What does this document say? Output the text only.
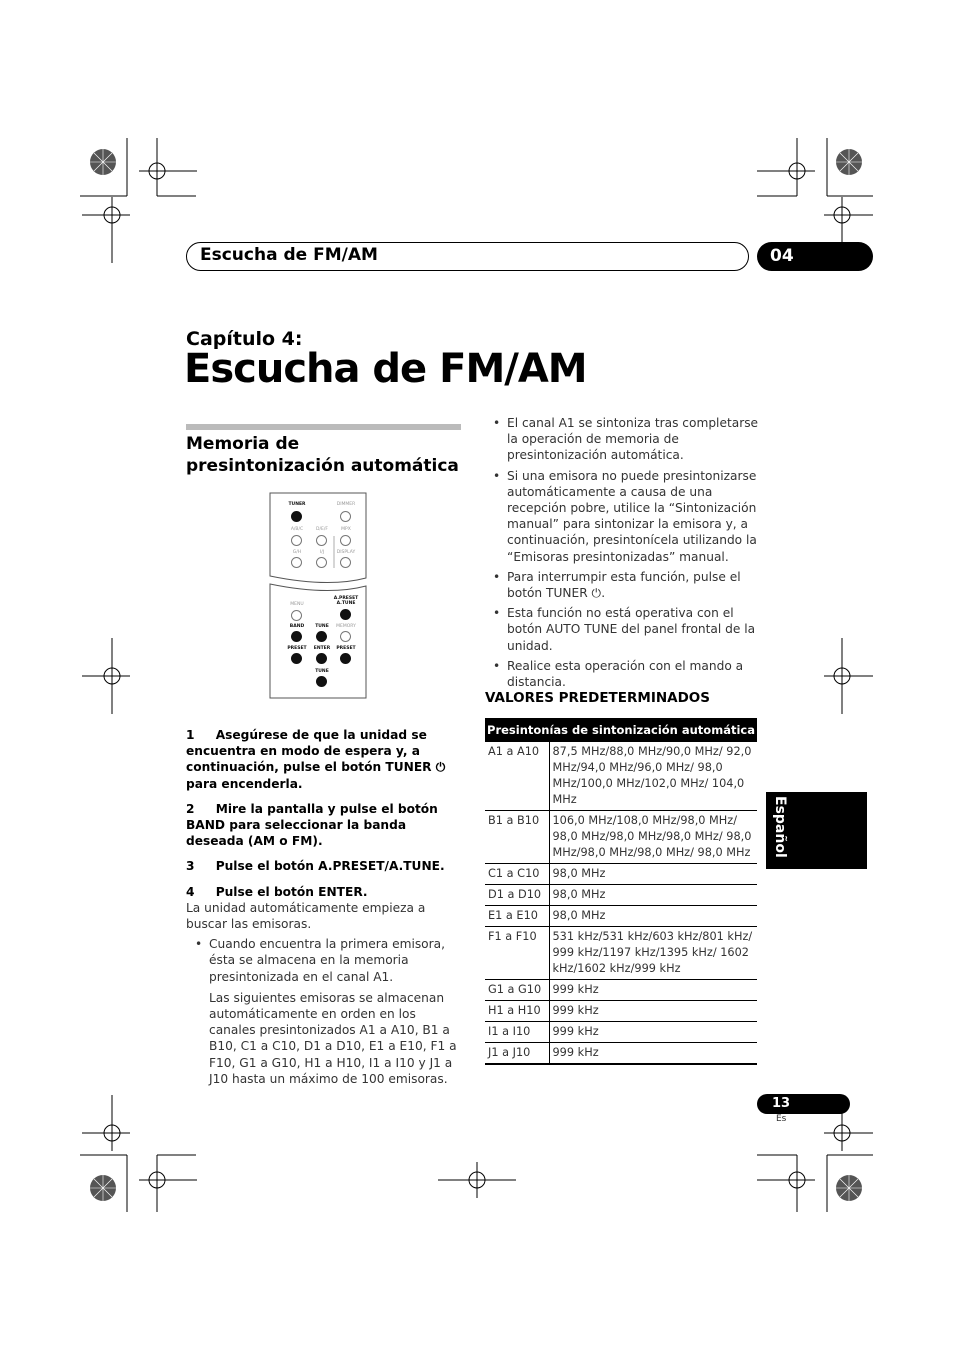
Escucha de FM/AM	04
Capítulo 4:
Escucha de FM/AM
Memoria de presintonización automática
TUNER	DIMMER
A/B/C	D/E/F	MPX
G/H	I/J	DISPLAY
MENU
A.PRESET A.TUNE
BAND	TUNE	MEMORY
PRESET	ENTER	PRESET
TUNE
1 Asegúrese de que la unidad se encuentra en modo de espera y, a continuación, pulse el botón TUNER ⏻ para encenderla.
2 Mire la pantalla y pulse el botón BAND para seleccionar la banda deseada (AM o FM).
3 Pulse el botón A.PRESET/A.TUNE.
4 Pulse el botón ENTER.
La unidad automáticamente empieza a buscar las emisoras.
• Cuando encuentra la primera emisora, ésta se almacena en la memoria presintonizada en el canal A1.
Las siguientes emisoras se almacenan automáticamente en orden en los canales presintonizados A1 a A10, B1 a B10, C1 a C10, D1 a D10, E1 a E10, F1 a F10, G1 a G10, H1 a H10, I1 a I10 y J1 a J10 hasta un máximo de 100 emisoras.
• El canal A1 se sintoniza tras completarse la operación de memoria de presintonización automática.
• Si una emisora no puede presintonizarse automáticamente a causa de una recepción pobre, utilice la “Sintonización manual” para sintonizar la emisora y, a continuación, presintonícela utilizando la “Emisoras presintonizadas” manual.
• Para interrumpir esta función, pulse el botón TUNER ⏻.
• Esta función no está operativa con el botón AUTO TUNE del panel frontal de la unidad.
• Realice esta operación con el mando a distancia.
VALORES PREDETERMINADOS
Presintonías de sintonización automática	
A1 a A10	87,5 MHz/88,0 MHz/90,0 MHz/ 92,0 MHz/94,0 MHz/96,0 MHz/ 98,0 MHz/100,0 MHz/102,0 MHz/ 104,0 MHz
B1 a B10	106,0 MHz/108,0 MHz/98,0 MHz/ 98,0 MHz/98,0 MHz/98,0 MHz/ 98,0 MHz/98,0 MHz/98,0 MHz/ 98,0 MHz
C1 a C10	98,0 MHz
D1 a D10	98,0 MHz
E1 a E10	98,0 MHz
F1 a F10	531 kHz/531 kHz/603 kHz/801 kHz/ 999 kHz/1197 kHz/1395 kHz/ 1602 kHz/1602 kHz/999 kHz
G1 a G10	999 kHz
H1 a H10	999 kHz
I1 a I10	999 kHz
J1 a J10	999 kHz
Español
13
Es
